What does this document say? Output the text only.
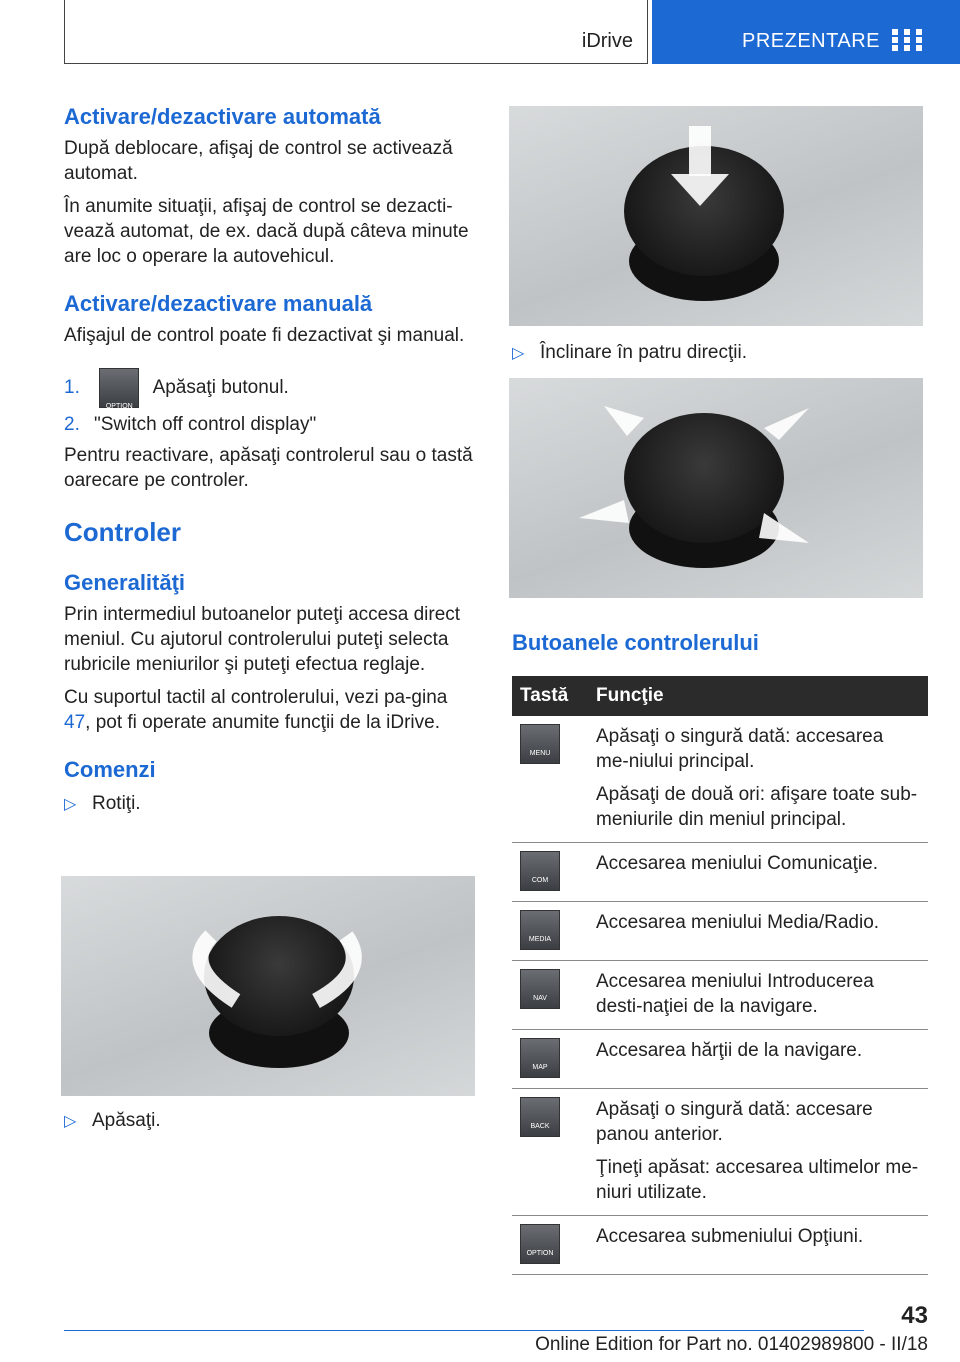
iDrive	PREZENTARE
Activare/dezactivare automată

După deblocare, afişaj de control se activează automat.

În anumite situaţii, afişaj de control se dezacti-vează automat, de ex. dacă după câteva minute are loc o operare la autovehicul.

Activare/dezactivare manuală

Afişajul de control poate fi dezactivat şi manual.

1.
OPTION
Apăsaţi butonul.
2. "Switch off control display"

Pentru reactivare, apăsaţi controlerul sau o tastă oarecare pe controler.

Controler
Generalităţi

Prin intermediul butoanelor puteţi accesa direct meniul. Cu ajutorul controlerului puteţi selecta rubricile meniurilor şi puteţi efectua reglaje.

Cu suportul tactil al controlerului, vezi pa-gina 47, pot fi operate anumite funcţii de la iDrive.

Comenzi

▷ Rotiţi.

▷ Apăsaţi.
▷ Înclinare în patru direcţii.
Butoanele controlerului
Tastă	Funcţie

MENU	Apăsaţi o singură dată: accesarea me-niului principal.

Apăsaţi de două ori: afişare toate sub-meniurile din meniul principal.

COM	Accesarea meniului Comunicaţie.

MEDIA	Accesarea meniului Media/Radio.

NAV	Accesarea meniului Introducerea desti-naţiei de la navigare.

MAP	Accesarea hărţii de la navigare.

BACK	Apăsaţi o singură dată: accesare panou anterior.

Ţineţi apăsat: accesarea ultimelor me-niuri utilizate.

OPTION	Accesarea submeniului Opţiuni.

43
Online Edition for Part no. 01402989800 - II/18
